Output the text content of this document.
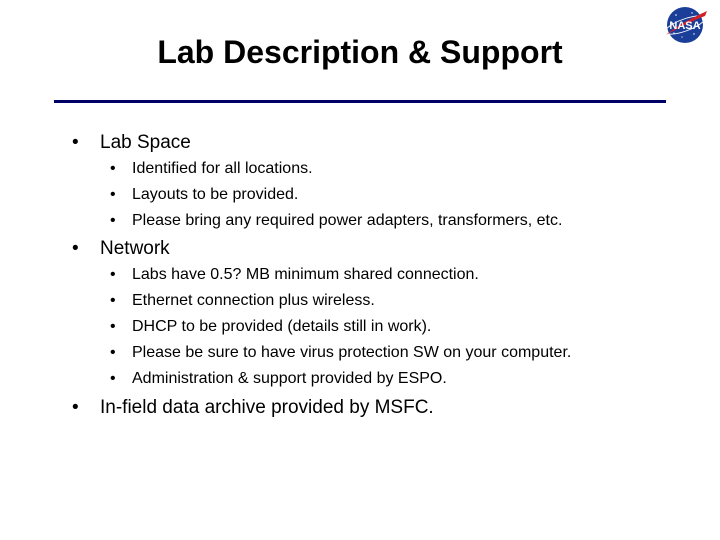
Lab Description & Support
NASA
• Lab Space
• Identified for all locations.
• Layouts to be provided.
• Please bring any required power adapters, transformers, etc.
• Network
• Labs have 0.5? MB minimum shared connection.
• Ethernet connection plus wireless.
• DHCP to be provided (details still in work).
• Please be sure to have virus protection SW on your computer.
• Administration & support provided by ESPO.
• In-field data archive provided by MSFC.
